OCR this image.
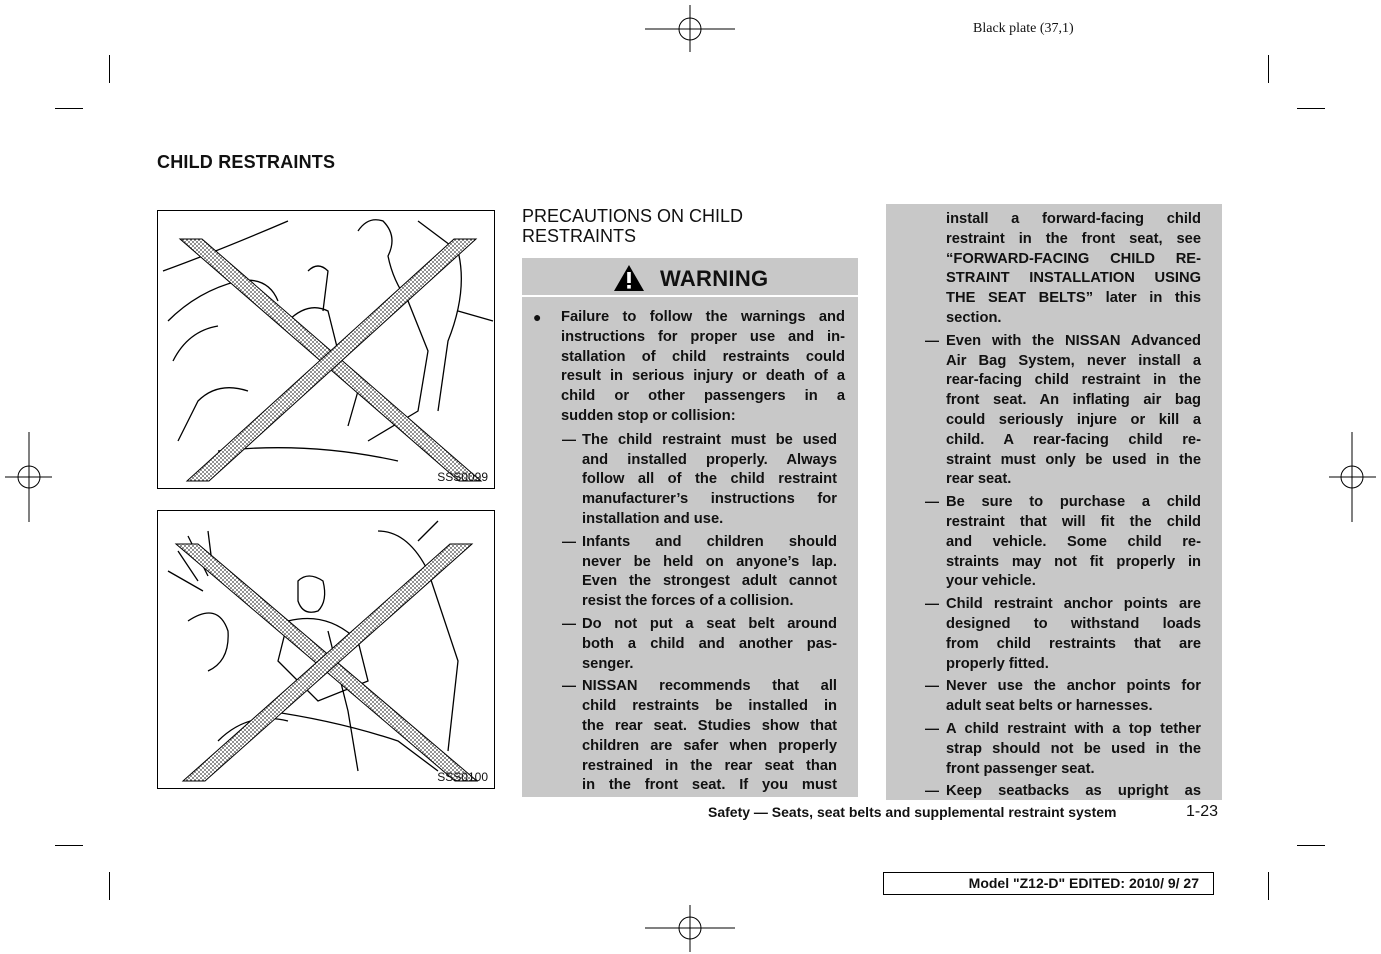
Black plate (37,1)
CHILD RESTRAINTS
SSS0099
SSS0100
PRECAUTIONS ON CHILD
RESTRAINTS
WARNING
● Failure to follow the warnings and
instructions for proper use and in-
stallation of child restraints could
result in serious injury or death of a
child or other passengers in a
sudden stop or collision:
— The child restraint must be used
and installed properly. Always
follow all of the child restraint
manufacturer’s instructions for
installation and use.
— Infants and children should
never be held on anyone’s lap.
Even the strongest adult cannot
resist the forces of a collision.
— Do not put a seat belt around
both a child and another pas-
senger.
— NISSAN recommends that all
child restraints be installed in
the rear seat. Studies show that
children are safer when properly
restrained in the rear seat than
in the front seat. If you must
install a forward-facing child
restraint in the front seat, see
“FORWARD-FACING CHILD RE-
STRAINT INSTALLATION USING
THE SEAT BELTS” later in this
section.
— Even with the NISSAN Advanced
Air Bag System, never install a
rear-facing child restraint in the
front seat. An inflating air bag
could seriously injure or kill a
child. A rear-facing child re-
straint must only be used in the
rear seat.
— Be sure to purchase a child
restraint that will fit the child
and vehicle. Some child re-
straints may not fit properly in
your vehicle.
— Child restraint anchor points are
designed to withstand loads
from child restraints that are
properly fitted.
— Never use the anchor points for
adult seat belts or harnesses.
— A child restraint with a top tether
strap should not be used in the
front passenger seat.
— Keep seatbacks as upright as
Safety — Seats, seat belts and supplemental restraint system	1-23
Model "Z12-D" EDITED: 2010/ 9/ 27
